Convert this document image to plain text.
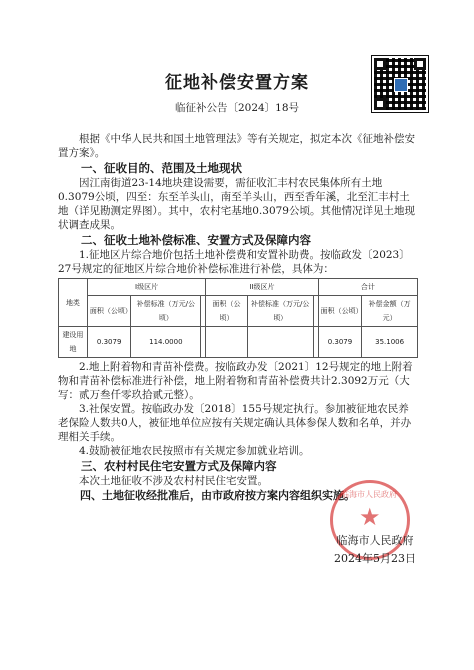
征地补偿安置方案
临征补公告〔2024〕18号

根据《中华人民共和国土地管理法》等有关规定，拟定本次《征地补偿安置方案》。

一、征收目的、范围及土地现状

因江南街道23-14地块建设需要，需征收汇丰村农民集体所有土地0.3079公顷，四至：东至羊头山，南至羊头山，西至香年溪，北至汇丰村土地（详见勘测定界图）。其中，农村宅基地0.3079公顷。其他情况详见土地现状调查成果。

二、征收土地补偿标准、安置方式及保障内容

1.征地区片综合地价包括土地补偿费和安置补助费。按临政发〔2023〕27号规定的征地区片综合地价补偿标准进行补偿，具体为：

地类	I级区片			II级区片			合计	
	面积（公顷）	补偿标准（万元/公顷）		面积（公顷）	补偿标准（万元/公顷）		面积（公顷）	补偿金额（万元）
建设用地	0.3079	114.0000					0.3079	35.1006

2.地上附着物和青苗补偿费。按临政办发〔2021〕12号规定的地上附着物和青苗补偿标准进行补偿，地上附着物和青苗补偿费共计2.3092万元（大写：贰万叁仟零玖拾贰元整）。

3.社保安置。按临政办发〔2018〕155号规定执行。参加被征地农民养老保险人数共0人，被征地单位应按有关规定确认具体参保人数和名单，并办理相关手续。

4.鼓励被征地农民按照市有关规定参加就业培训。

三、农村村民住宅安置方式及保障内容

本次土地征收不涉及农村村民住宅安置。

四、土地征收经批准后，由市政府按方案内容组织实施。
临海市人民政府
★
临海市人民政府
2024年5月23日
